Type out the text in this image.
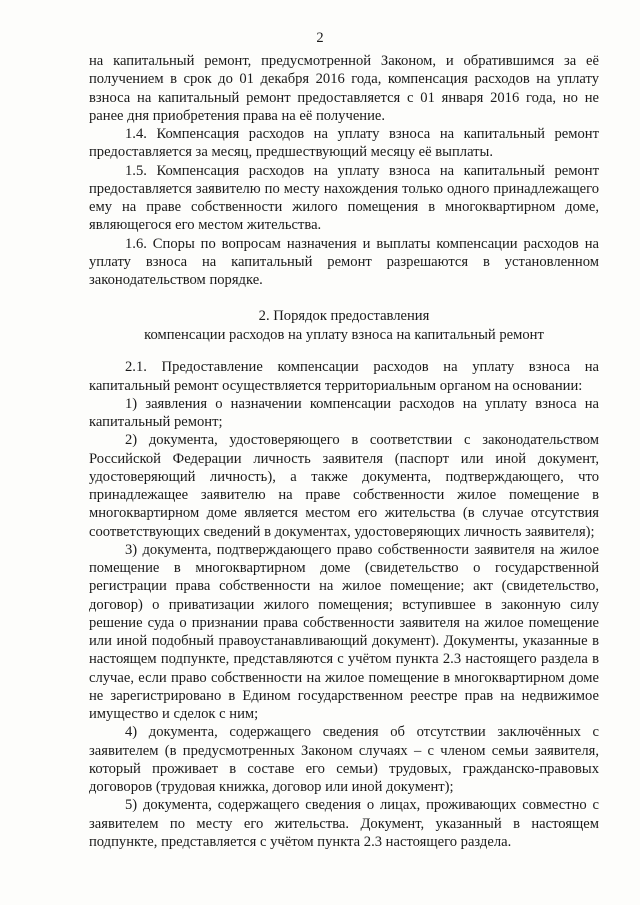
2

на капитальный ремонт, предусмотренной Законом, и обратившимся за её получением в срок до 01 декабря 2016 года, компенсация расходов на уплату взноса на капитальный ремонт предоставляется с 01 января 2016 года, но не ранее дня приобретения права на её получение.

1.4. Компенсация расходов на уплату взноса на капитальный ремонт предоставляется за месяц, предшествующий месяцу её выплаты.

1.5. Компенсация расходов на уплату взноса на капитальный ремонт предоставляется заявителю по месту нахождения только одного принадлежащего ему на праве собственности жилого помещения в многоквартирном доме, являющегося его местом жительства.

1.6. Споры по вопросам назначения и выплаты компенсации расходов на уплату взноса на капитальный ремонт разрешаются в установленном законодательством порядке.

2. Порядок предоставления

компенсации расходов на уплату взноса на капитальный ремонт

2.1. Предоставление компенсации расходов на уплату взноса на капитальный ремонт осуществляется территориальным органом на основании:

1) заявления о назначении компенсации расходов на уплату взноса на капитальный ремонт;

2) документа, удостоверяющего в соответствии с законодательством Российской Федерации личность заявителя (паспорт или иной документ, удостоверяющий личность), а также документа, подтверждающего, что принадлежащее заявителю на праве собственности жилое помещение в многоквартирном доме является местом его жительства (в случае отсутствия соответствующих сведений в документах, удостоверяющих личность заявителя);

3) документа, подтверждающего право собственности заявителя на жилое помещение в многоквартирном доме (свидетельство о государственной регистрации права собственности на жилое помещение; акт (свидетельство, договор) о приватизации жилого помещения; вступившее в законную силу решение суда о признании права собственности заявителя на жилое помещение или иной подобный правоустанавливающий документ). Документы, указанные в настоящем подпункте, представляются с учётом пункта 2.3 настоящего раздела в случае, если право собственности на жилое помещение в многоквартирном доме не зарегистрировано в Едином государственном реестре прав на недвижимое имущество и сделок с ним;

4) документа, содержащего сведения об отсутствии заключённых с заявителем (в предусмотренных Законом случаях – с членом семьи заявителя, который проживает в составе его семьи) трудовых, гражданско-правовых договоров (трудовая книжка, договор или иной документ);

5) документа, содержащего сведения о лицах, проживающих совместно с заявителем по месту его жительства. Документ, указанный в настоящем подпункте, представляется с учётом пункта 2.3 настоящего раздела.
